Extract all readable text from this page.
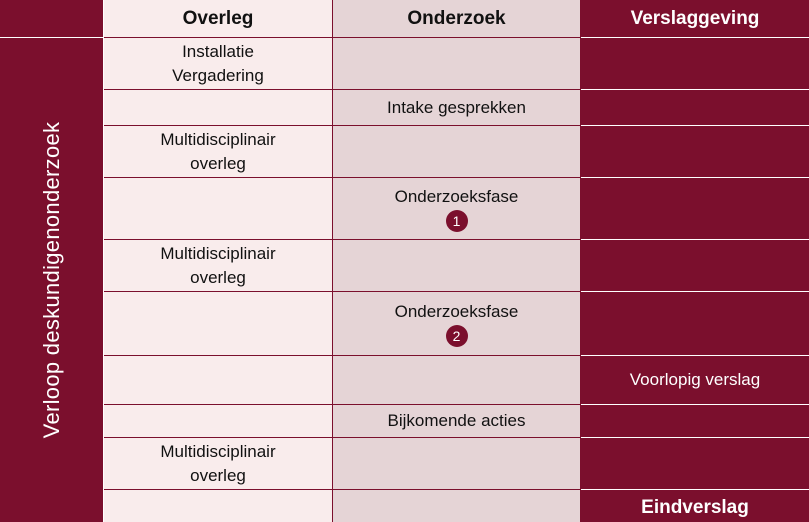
Overleg	Onderzoek	Verslaggeving
Verloop deskundigenonderzoek
Installatie
Vergadering
Intake gesprekken
Multidisciplinair
overleg
Onderzoeksfase
1
Multidisciplinair
overleg
Onderzoeksfase
2
Voorlopig verslag
Bijkomende acties
Multidisciplinair
overleg
Eindverslag
